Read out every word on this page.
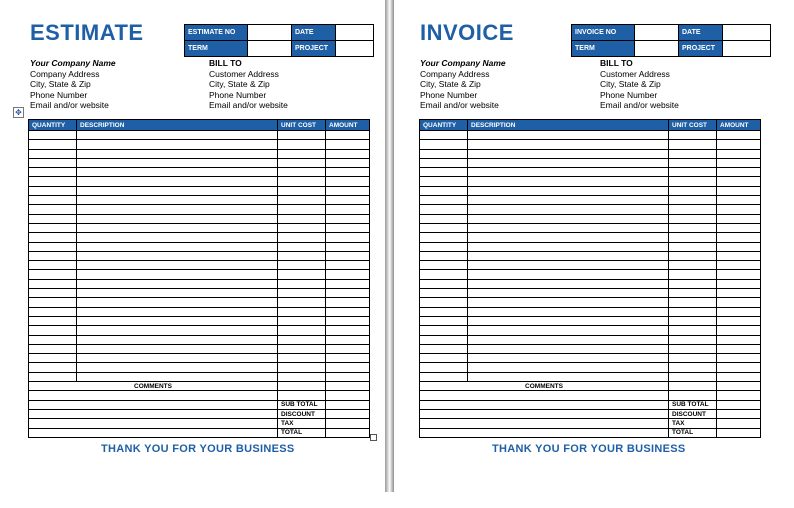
ESTIMATE	ESTIMATE NO		DATE	
TERM		PROJECT	
Your Company Name
Company Address
City, State & Zip
Phone Number
Email and/or website
BILL TO
Customer Address
City, State & Zip
Phone Number
Email and/or website
✥
QUANTITY	DESCRIPTION	UNIT COST	AMOUNT

COMMENTS			

		SUB TOTAL	
		DISCOUNT	
		TAX	
		TOTAL	
THANK YOU FOR YOUR BUSINESS
INVOICE	INVOICE NO		DATE	
TERM		PROJECT	
Your Company Name
Company Address
City, State & Zip
Phone Number
Email and/or website
BILL TO
Customer Address
City, State & Zip
Phone Number
Email and/or website
QUANTITY	DESCRIPTION	UNIT COST	AMOUNT

COMMENTS			

		SUB TOTAL	
		DISCOUNT	
		TAX	
		TOTAL	
THANK YOU FOR YOUR BUSINESS
